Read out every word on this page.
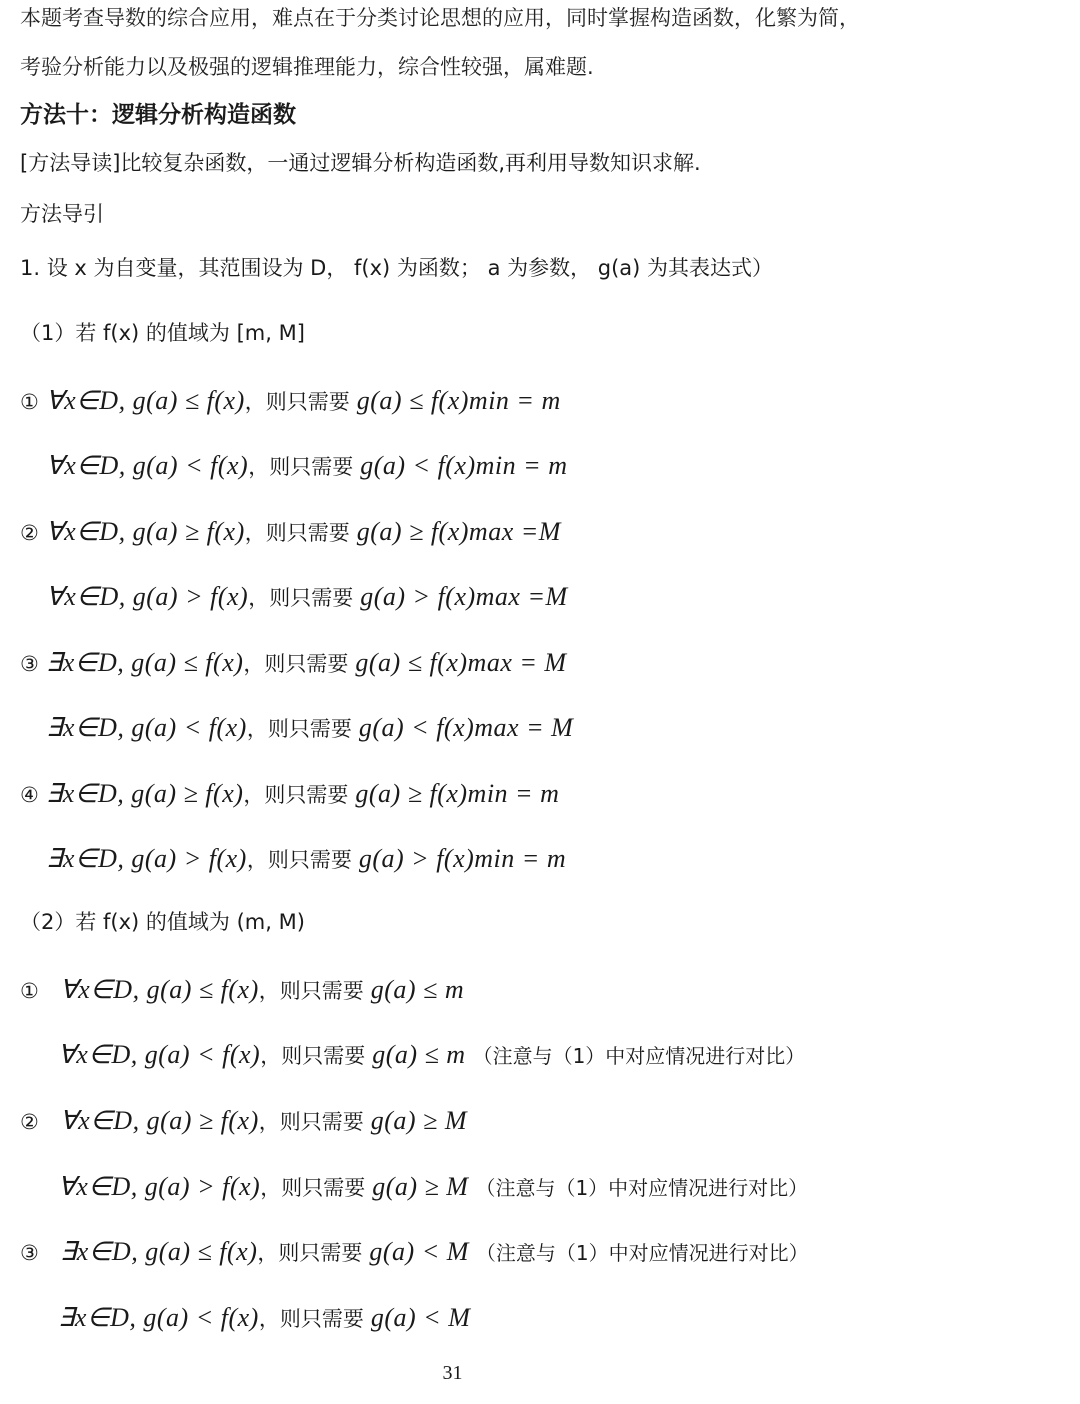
本题考查导数的综合应用，难点在于分类讨论思想的应用，同时掌握构造函数，化繁为简，
考验分析能力以及极强的逻辑推理能力，综合性较强，属难题.
方法十：逻辑分析构造函数
[方法导读]比较复杂函数，一通过逻辑分析构造函数,再利用导数知识求解.
方法导引
1. 设 x 为自变量，其范围设为 D， f(x) 为函数； a 为参数， g(a) 为其表达式）
（1）若 f(x) 的值域为 [m, M]
① ∀x∈D, g(a) ≤ f(x)，则只需要 g(a) ≤ f(x)min = m
∀x∈D, g(a) < f(x)，则只需要 g(a) < f(x)min = m
② ∀x∈D, g(a) ≥ f(x)，则只需要 g(a) ≥ f(x)max =M
∀x∈D, g(a) > f(x)，则只需要 g(a) > f(x)max =M
③ ∃x∈D, g(a) ≤ f(x)，则只需要 g(a) ≤ f(x)max = M
∃x∈D, g(a) < f(x)，则只需要 g(a) < f(x)max = M
④ ∃x∈D, g(a) ≥ f(x)，则只需要 g(a) ≥ f(x)min = m
∃x∈D, g(a) > f(x)，则只需要 g(a) > f(x)min = m
（2）若 f(x) 的值域为 (m, M)
① ∀x∈D, g(a) ≤ f(x)，则只需要 g(a) ≤ m
∀x∈D, g(a) < f(x)，则只需要 g(a) ≤ m （注意与（1）中对应情况进行对比）
② ∀x∈D, g(a) ≥ f(x)，则只需要 g(a) ≥ M
∀x∈D, g(a) > f(x)，则只需要 g(a) ≥ M （注意与（1）中对应情况进行对比）
③ ∃x∈D, g(a) ≤ f(x)，则只需要 g(a) < M （注意与（1）中对应情况进行对比）
∃x∈D, g(a) < f(x)，则只需要 g(a) < M
31
